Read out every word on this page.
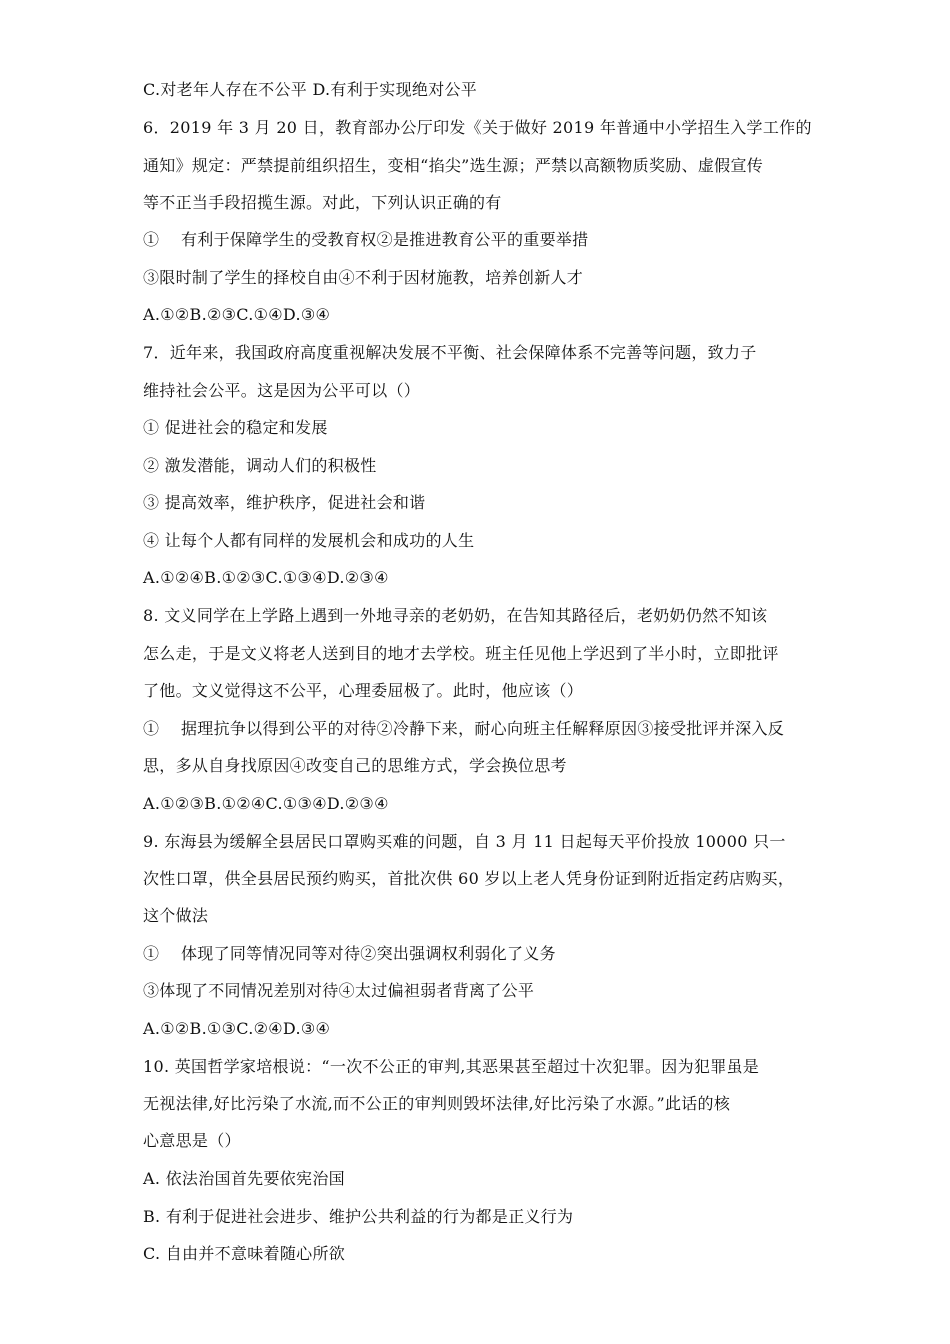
C.对老年人存在不公平 D.有利于实现绝对公平
6．2019 年 3 月 20 日，教育部办公厅印发《关于做好 2019 年普通中小学招生入学工作的
通知》规定：严禁提前组织招生，变相“掐尖”选生源；严禁以高额物质奖励、虚假宣传
等不正当手段招揽生源。对此，下列认识正确的有
①　 有利于保障学生的受教育权②是推进教育公平的重要举措
③限时制了学生的择校自由④不利于因材施教，培养创新人才
A.①②B.②③C.①④D.③④
7．近年来，我国政府高度重视解决发展不平衡、社会保障体系不完善等问题，致力子
维持社会公平。这是因为公平可以（）
① 促进社会的稳定和发展
② 激发潜能，调动人们的积极性
③ 提高效率，维护秩序，促进社会和谐
④ 让每个人都有同样的发展机会和成功的人生
A.①②④B.①②③C.①③④D.②③④
8. 文义同学在上学路上遇到一外地寻亲的老奶奶，在告知其路径后，老奶奶仍然不知该
怎么走，于是文义将老人送到目的地才去学校。班主任见他上学迟到了半小时，立即批评
了他。文义觉得这不公平，心理委屈极了。此时，他应该（）
①　 据理抗争以得到公平的对待②冷静下来，耐心向班主任解释原因③接受批评并深入反
思，多从自身找原因④改变自己的思维方式，学会换位思考
A.①②③B.①②④C.①③④D.②③④
9. 东海县为缓解全县居民口罩购买难的问题，自 3 月 11 日起每天平价投放 10000 只一
次性口罩，供全县居民预约购买，首批次供 60 岁以上老人凭身份证到附近指定药店购买，
这个做法
①　 体现了同等情况同等对待②突出强调权利弱化了义务
③体现了不同情况差别对待④太过偏袒弱者背离了公平
A.①②B.①③C.②④D.③④
10. 英国哲学家培根说：“一次不公正的审判,其恶果甚至超过十次犯罪。因为犯罪虽是
无视法律,好比污染了水流,而不公正的审判则毁坏法律,好比污染了水源。”此话的核
心意思是（）
A. 依法治国首先要依宪治国
B. 有利于促进社会进步、维护公共利益的行为都是正义行为
C. 自由并不意味着随心所欲
